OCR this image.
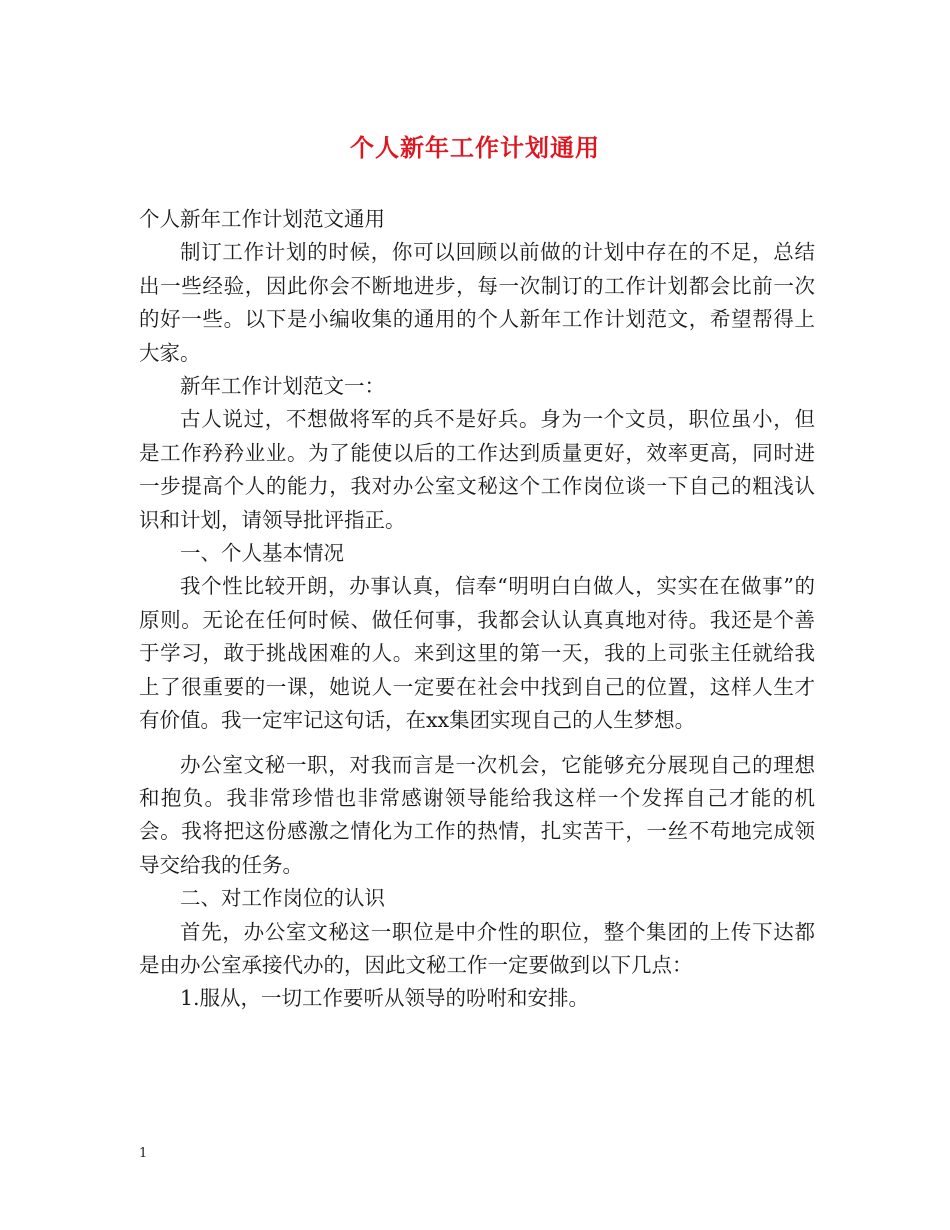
个人新年工作计划通用

个人新年工作计划范文通用

制订工作计划的时候，你可以回顾以前做的计划中存在的不足，总结出一些经验，因此你会不断地进步，每一次制订的工作计划都会比前一次的好一些。以下是小编收集的通用的个人新年工作计划范文，希望帮得上大家。

新年工作计划范文一：

古人说过，不想做将军的兵不是好兵。身为一个文员，职位虽小，但是工作矜矜业业。为了能使以后的工作达到质量更好，效率更高，同时进一步提高个人的能力，我对办公室文秘这个工作岗位谈一下自己的粗浅认识和计划，请领导批评指正。

一、个人基本情况

我个性比较开朗，办事认真，信奉“明明白白做人，实实在在做事”的原则。无论在任何时候、做任何事，我都会认认真真地对待。我还是个善于学习，敢于挑战困难的人。来到这里的第一天，我的上司张主任就给我上了很重要的一课，她说人一定要在社会中找到自己的位置，这样人生才有价值。我一定牢记这句话，在xx集团实现自己的人生梦想。

办公室文秘一职，对我而言是一次机会，它能够充分展现自己的理想和抱负。我非常珍惜也非常感谢领导能给我这样一个发挥自己才能的机会。我将把这份感激之情化为工作的热情，扎实苦干，一丝不苟地完成领导交给我的任务。

二、对工作岗位的认识

首先，办公室文秘这一职位是中介性的职位，整个集团的上传下达都是由办公室承接代办的，因此文秘工作一定要做到以下几点：

1.服从，一切工作要听从领导的吩咐和安排。

1
